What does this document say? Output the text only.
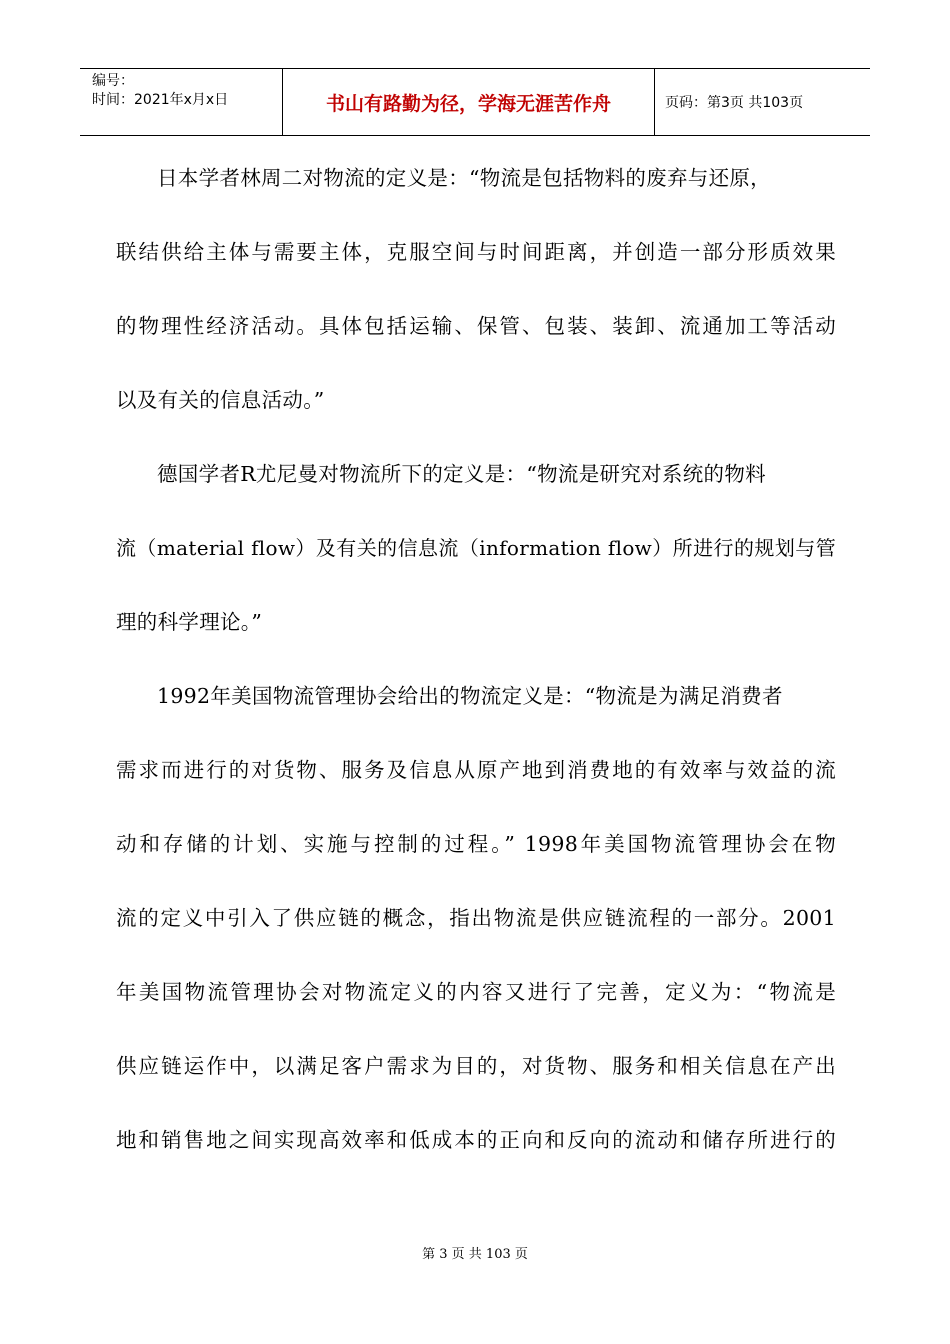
编号：
时间：2021年x月x日	书山有路勤为径，学海无涯苦作舟	页码：第3页 共103页
日本学者林周二对物流的定义是：“物流是包括物料的废弃与还原，
联结供给主体与需要主体，克服空间与时间距离，并创造一部分形质效果
的物理性经济活动。具体包括运输、保管、包装、装卸、流通加工等活动
以及有关的信息活动。”
德国学者R尤尼曼对物流所下的定义是：“物流是研究对系统的物料
流（material flow）及有关的信息流（information flow）所进行的规划与管
理的科学理论。”
1992年美国物流管理协会给出的物流定义是：“物流是为满足消费者
需求而进行的对货物、服务及信息从原产地到消费地的有效率与效益的流
动和存储的计划、实施与控制的过程。” 1998年美国物流管理协会在物
流的定义中引入了供应链的概念，指出物流是供应链流程的一部分。2001
年美国物流管理协会对物流定义的内容又进行了完善，定义为：“物流是
供应链运作中，以满足客户需求为目的，对货物、服务和相关信息在产出
地和销售地之间实现高效率和低成本的正向和反向的流动和储存所进行的
第 3 页 共 103 页
